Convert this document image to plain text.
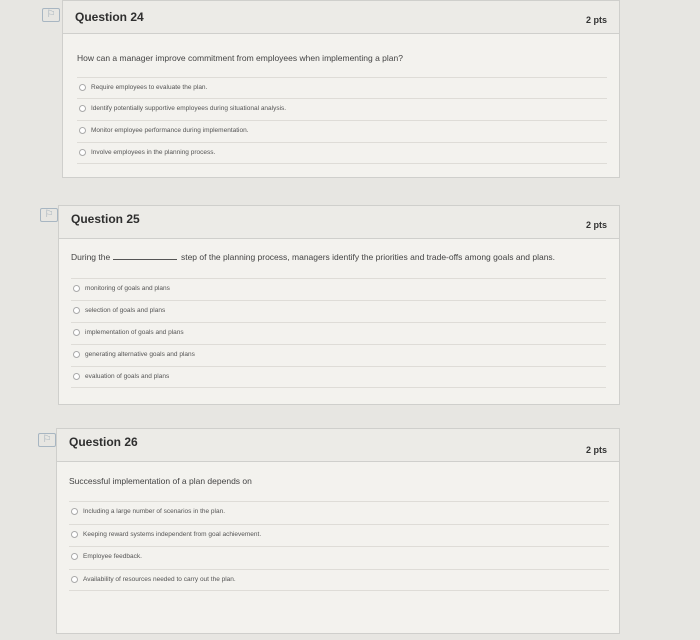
⚐	Question 24	2 pts
How can a manager improve commitment from employees when implementing a plan?
Require employees to evaluate the plan.
Identify potentially supportive employees during situational analysis.
Monitor employee performance during implementation.
Involve employees in the planning process.
⚐	Question 25	2 pts
During the	step of the planning process, managers identify the priorities and trade-offs among goals and plans.
monitoring of goals and plans
selection of goals and plans
implementation of goals and plans
generating alternative goals and plans
evaluation of goals and plans
⚐	Question 26
2 pts
Successful implementation of a plan depends on
Including a large number of scenarios in the plan.
Keeping reward systems independent from goal achievement.
Employee feedback.
Availability of resources needed to carry out the plan.
